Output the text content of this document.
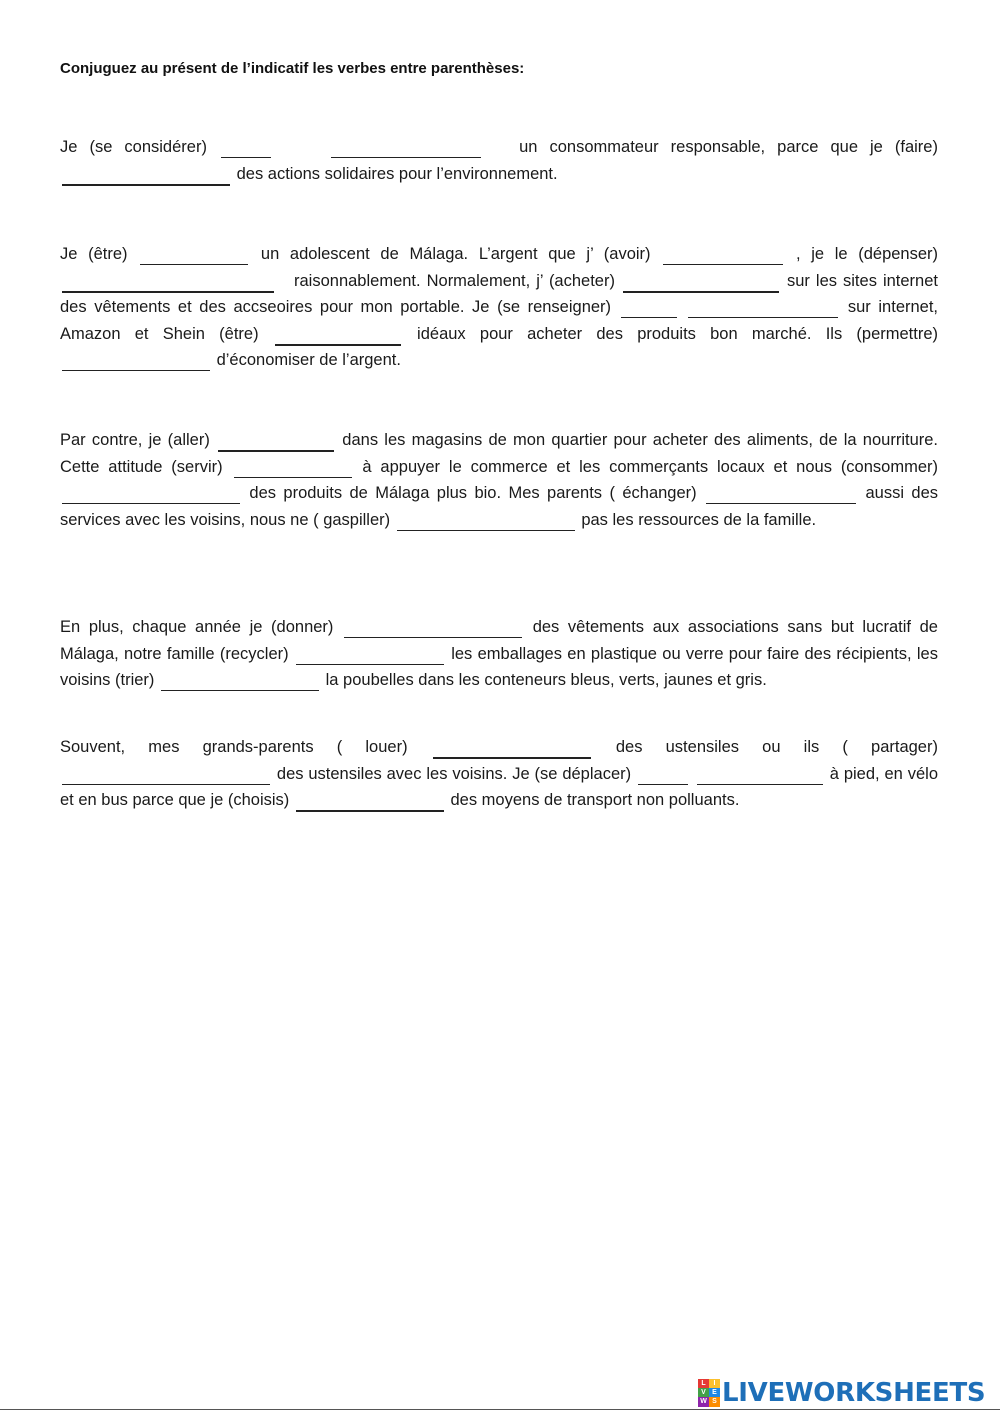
Conjuguez au présent de l’indicatif les verbes entre parenthèses:
Je (se considérer)	un consommateur responsable, parce que je (faire)  des actions solidaires pour l’environnement.
Je (être)	un adolescent de Málaga. L’argent que j’ (avoir)	, je le (dépenser)    raisonnablement. Normalement, j’ (acheter)	sur les sites internet des vêtements et des accseoires pour mon portable. Je (se renseigner)	sur internet, Amazon et Shein (être)	idéaux pour acheter des produits bon marché. Ils (permettre)  d’économiser de l’argent.
Par contre, je (aller)	dans les magasins de mon quartier pour acheter des aliments, de la nourriture. Cette attitude (servir)	à appuyer le commerce et les commerçants locaux et nous (consommer)  des produits de Málaga plus bio. Mes parents ( échanger)	aussi des services avec les voisins, nous ne ( gaspiller)	pas les ressources de la famille.
En plus, chaque année je (donner)	des vêtements aux associations sans but lucratif de Málaga, notre famille (recycler)	les emballages en plastique ou verre pour faire des récipients, les voisins (trier)	la poubelles dans les conteneurs bleus, verts, jaunes et gris.
Souvent, mes grands-parents ( louer)	des ustensiles ou ils ( partager)  des ustensiles avec les voisins. Je (se déplacer)	à pied, en vélo et en bus parce que je (choisis)	des moyens de transport non polluants.
L	I
V E
W S LIVEWORKSHEETS
